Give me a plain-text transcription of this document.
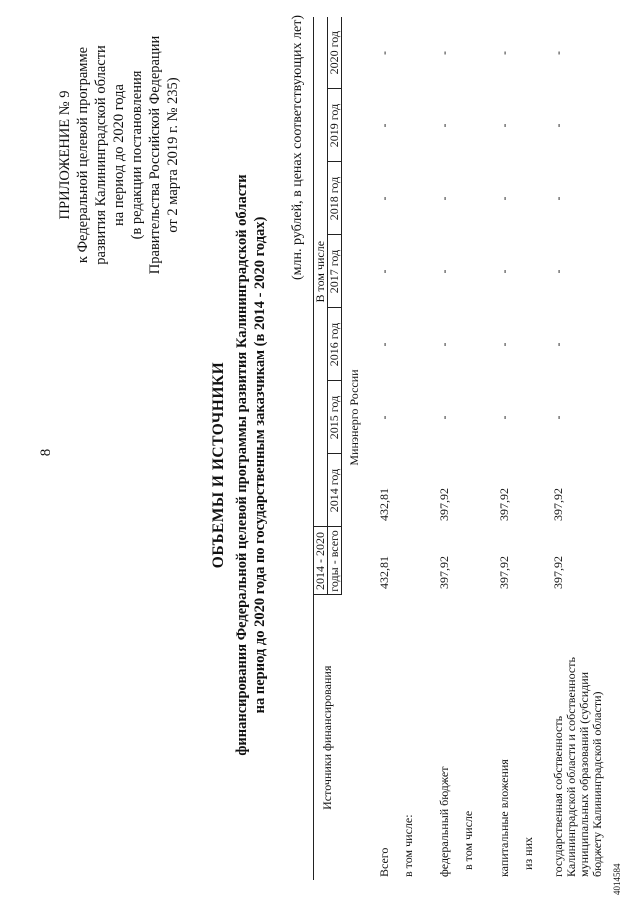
8
ПРИЛОЖЕНИЕ № 9 к Федеральной целевой программе развития Калининградской области на период до 2020 года (в редакции постановления Правительства Российской Федерации от 2 марта 2019 г. № 235)
ОБЪЕМЫ И ИСТОЧНИКИ финансирования Федеральной целевой программы развития Калининградской области на период до 2020 года по государственным заказчикам (в 2014 - 2020 годах)
(млн. рублей, в ценах соответствующих лет)
Источники финансирования	2014 - 2020	В том числе						
	годы - всего	2014 год	2015 год	2016 год	2017 год	2018 год	2019 год	2020 год
		Минэнерго России						
Всего	432,81	432,81	-	-	-	-	-	-
в том числе:								
федеральный бюджет	397,92	397,92	-	-	-	-	-	-
в том числе								
капитальные вложения	397,92	397,92	-	-	-	-	-	-
из них								
государственная собственность Калининградской области и собственность муниципальных образований (субсидии бюджету Калининградской области)	397,92	397,92	-	-	-	-	-	-
4014584
